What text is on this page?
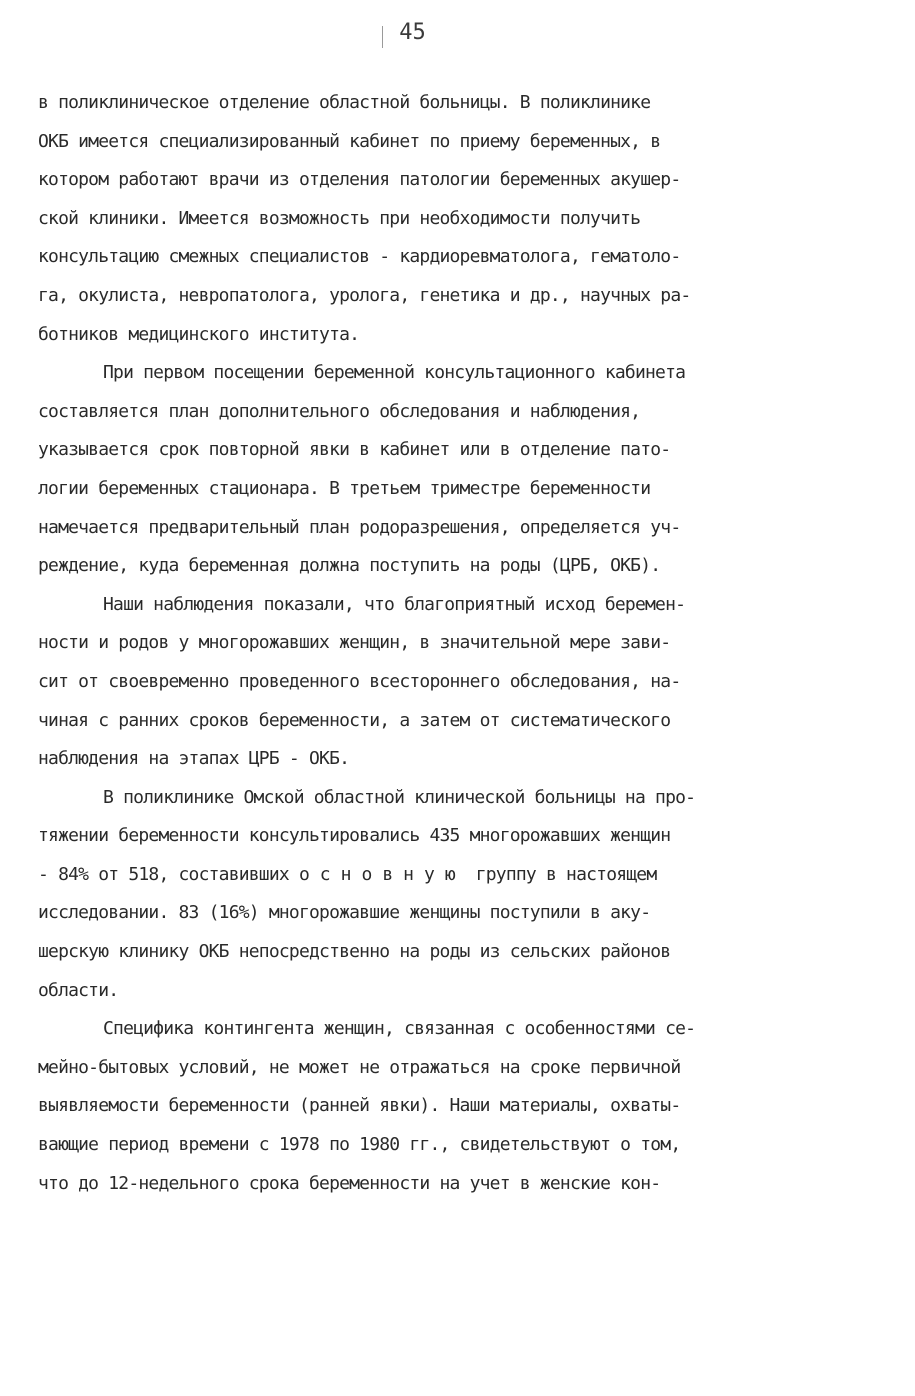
45
в поликлиническое отделение областной больницы. В поликлинике
ОКБ имеется специализированный кабинет по приему беременных, в
котором работают врачи из отделения патологии беременных акушер-
ской клиники. Имеется возможность при необходимости получить
консультацию смежных специалистов - кардиоревматолога, гематоло-
га, окулиста, невропатолога, уролога, генетика и др., научных ра-
ботников медицинского института.
При первом посещении беременной консультационного кабинета
составляется план дополнительного обследования и наблюдения,
указывается срок повторной явки в кабинет или в отделение пато-
логии беременных стационара. В третьем триместре беременности
намечается предварительный план родоразрешения, определяется уч-
реждение, куда беременная должна поступить на роды (ЦРБ, ОКБ).
Наши наблюдения показали, что благоприятный исход беремен-
ности и родов у многорожавших женщин, в значительной мере зави-
сит от своевременно проведенного всестороннего обследования, на-
чиная с ранних сроков беременности, а затем от систематического
наблюдения на этапах ЦРБ - ОКБ.
В поликлинике Омской областной клинической больницы на про-
тяжении беременности консультировались 435 многорожавших женщин
- 84% от 518, составивших основную группу в настоящем
исследовании. 83 (16%) многорожавшие женщины поступили в аку-
шерскую клинику ОКБ непосредственно на роды из сельских районов
области.
Специфика контингента женщин, связанная с особенностями се-
мейно-бытовых условий, не может не отражаться на сроке первичной
выявляемости беременности (ранней явки). Наши материалы, охваты-
вающие период времени с 1978 по 1980 гг., свидетельствуют о том,
что до 12-недельного срока беременности на учет в женские кон-
